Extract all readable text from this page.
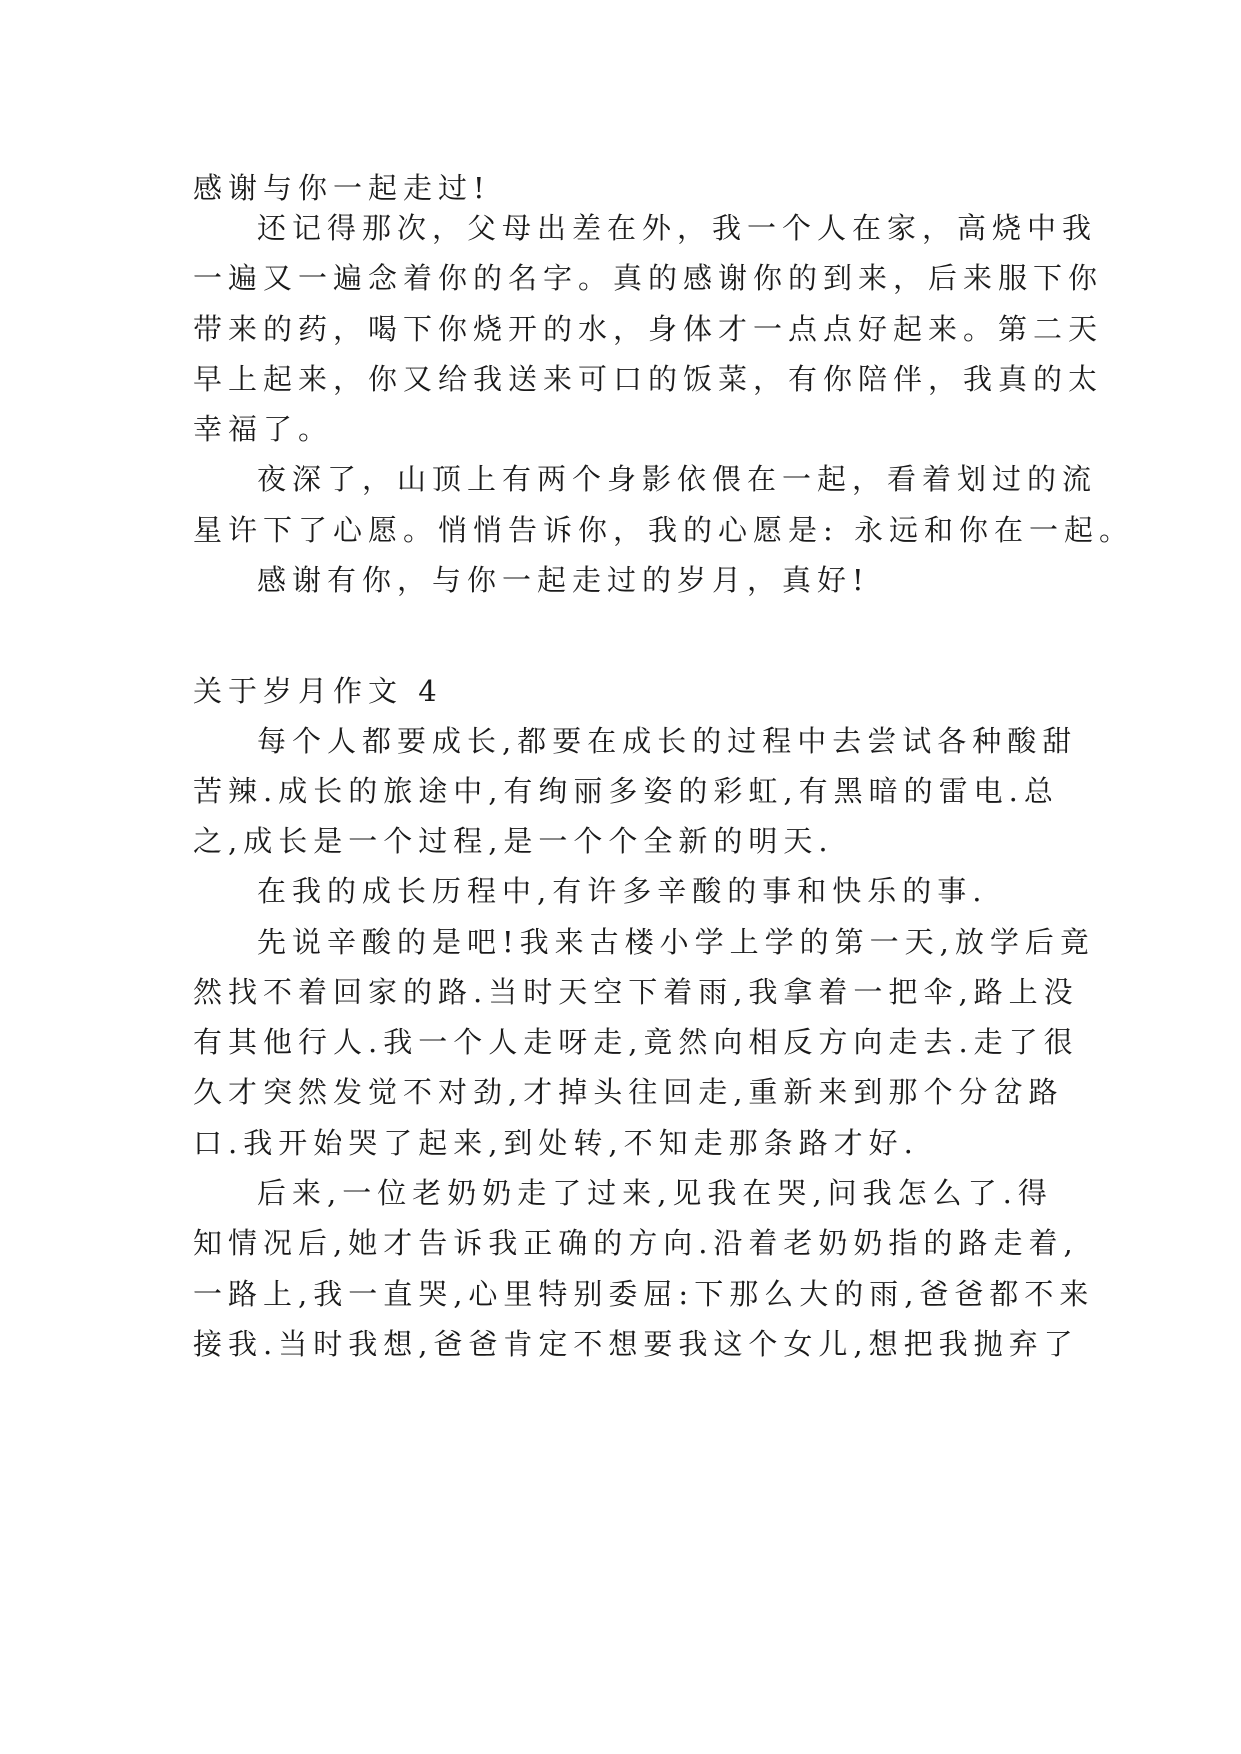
感谢与你一起走过!
还记得那次，父母出差在外，我一个人在家，高烧中我
一遍又一遍念着你的名字。真的感谢你的到来，后来服下你
带来的药，喝下你烧开的水，身体才一点点好起来。第二天
早上起来，你又给我送来可口的饭菜，有你陪伴，我真的太
幸福了。
夜深了，山顶上有两个身影依偎在一起，看着划过的流
星许下了心愿。悄悄告诉你，我的心愿是: 永远和你在一起。
感谢有你，与你一起走过的岁月，真好!
关于岁月作文 4
每个人都要成长,都要在成长的过程中去尝试各种酸甜
苦辣.成长的旅途中,有绚丽多姿的彩虹,有黑暗的雷电.总
之,成长是一个过程,是一个个全新的明天.
在我的成长历程中,有许多辛酸的事和快乐的事.
先说辛酸的是吧!我来古楼小学上学的第一天,放学后竟
然找不着回家的路.当时天空下着雨,我拿着一把伞,路上没
有其他行人.我一个人走呀走,竟然向相反方向走去.走了很
久才突然发觉不对劲,才掉头往回走,重新来到那个分岔路
口.我开始哭了起来,到处转,不知走那条路才好.
后来,一位老奶奶走了过来,见我在哭,问我怎么了.得
知情况后,她才告诉我正确的方向.沿着老奶奶指的路走着,
一路上,我一直哭,心里特别委屈:下那么大的雨,爸爸都不来
接我.当时我想,爸爸肯定不想要我这个女儿,想把我抛弃了
